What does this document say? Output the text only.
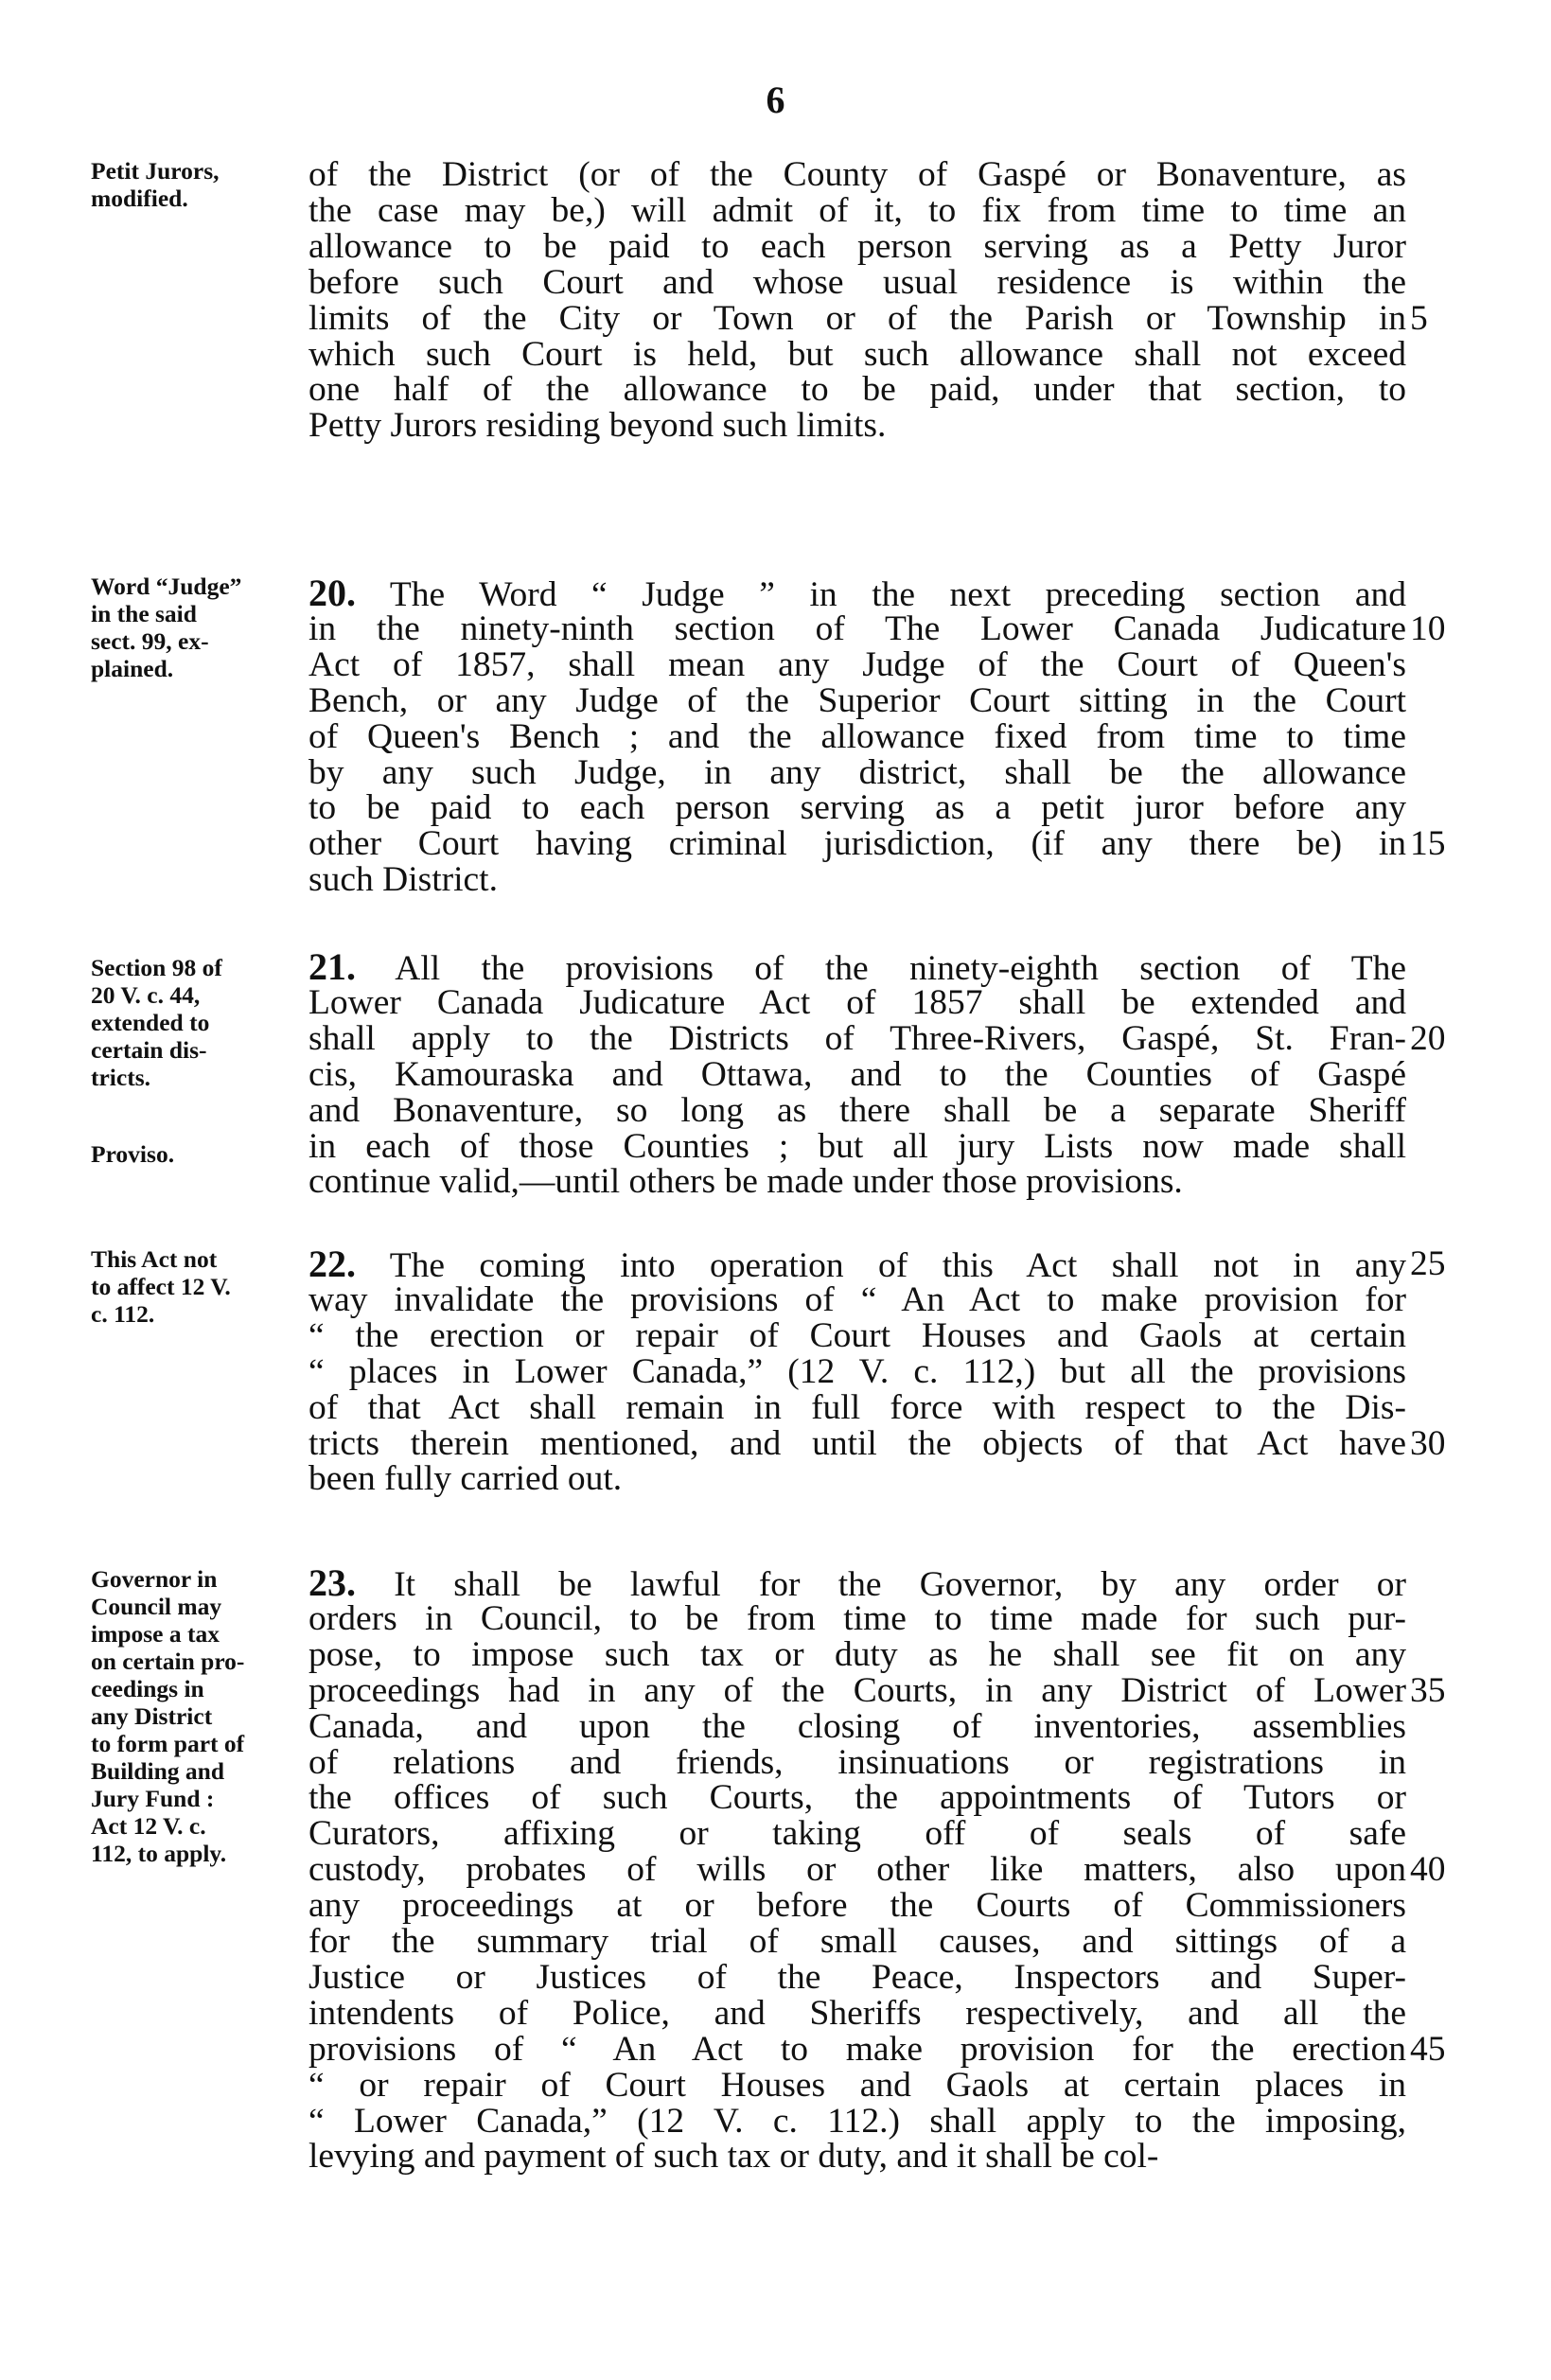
6
of the District (or of the County of Gaspé or Bonaventure, as
the case may be,) will admit of it, to fix from time to time an
allowance to be paid to each person serving as a Petty Juror
before such Court and whose usual residence is within the
limits of the City or Town or of the Parish or Township in 5
which such Court is held, but such allowance shall not exceed
one half of the allowance to be paid, under that section, to
Petty Jurors residing beyond such limits.
Petit Jurors,
modified.
20. The Word “ Judge ” in the next preceding section and
in the ninety-ninth section of The Lower Canada Judicature 10
Act of 1857, shall mean any Judge of the Court of Queen's
Bench, or any Judge of the Superior Court sitting in the Court
of Queen's Bench ; and the allowance fixed from time to time
by any such Judge, in any district, shall be the allowance
to be paid to each person serving as a petit juror before any
other Court having criminal jurisdiction, (if any there be) in 15
such District.
Word “Judge”
in the said
sect. 99, ex-
plained.
21. All the provisions of the ninety-eighth section of The
Lower Canada Judicature Act of 1857 shall be extended and
shall apply to the Districts of Three-Rivers, Gaspé, St. Fran- 20
cis, Kamouraska and Ottawa, and to the Counties of Gaspé
and Bonaventure, so long as there shall be a separate Sheriff
in each of those Counties ; but all jury Lists now made shall
continue valid,—until others be made under those provisions.
Section 98 of
20 V. c. 44,
extended to
certain dis-
tricts.
Proviso.
22. The coming into operation of this Act shall not in any 25
way invalidate the provisions of “ An Act to make provision for
“ the erection or repair of Court Houses and Gaols at certain
“ places in Lower Canada,” (12 V. c. 112,) but all the provisions
of that Act shall remain in full force with respect to the Dis-
tricts therein mentioned, and until the objects of that Act have 30
been fully carried out.
This Act not
to affect 12 V.
c. 112.
23. It shall be lawful for the Governor, by any order or
orders in Council, to be from time to time made for such pur-
pose, to impose such tax or duty as he shall see fit on any
proceedings had in any of the Courts, in any District of Lower 35
Canada, and upon the closing of inventories, assemblies
of relations and friends, insinuations or registrations in
the offices of such Courts, the appointments of Tutors or
Curators, affixing or taking off of seals of safe
custody, probates of wills or other like matters, also upon 40
any proceedings at or before the Courts of Commissioners
for the summary trial of small causes, and sittings of a
Justice or Justices of the Peace, Inspectors and Super-
intendents of Police, and Sheriffs respectively, and all the
provisions of “ An Act to make provision for the erection 45
“ or repair of Court Houses and Gaols at certain places in
“ Lower Canada,” (12 V. c. 112.) shall apply to the imposing,
levying and payment of such tax or duty, and it shall be col-
Governor in
Council may
impose a tax
on certain pro-
ceedings in
any District
to form part of
Building and
Jury Fund :
Act 12 V. c.
112, to apply.
